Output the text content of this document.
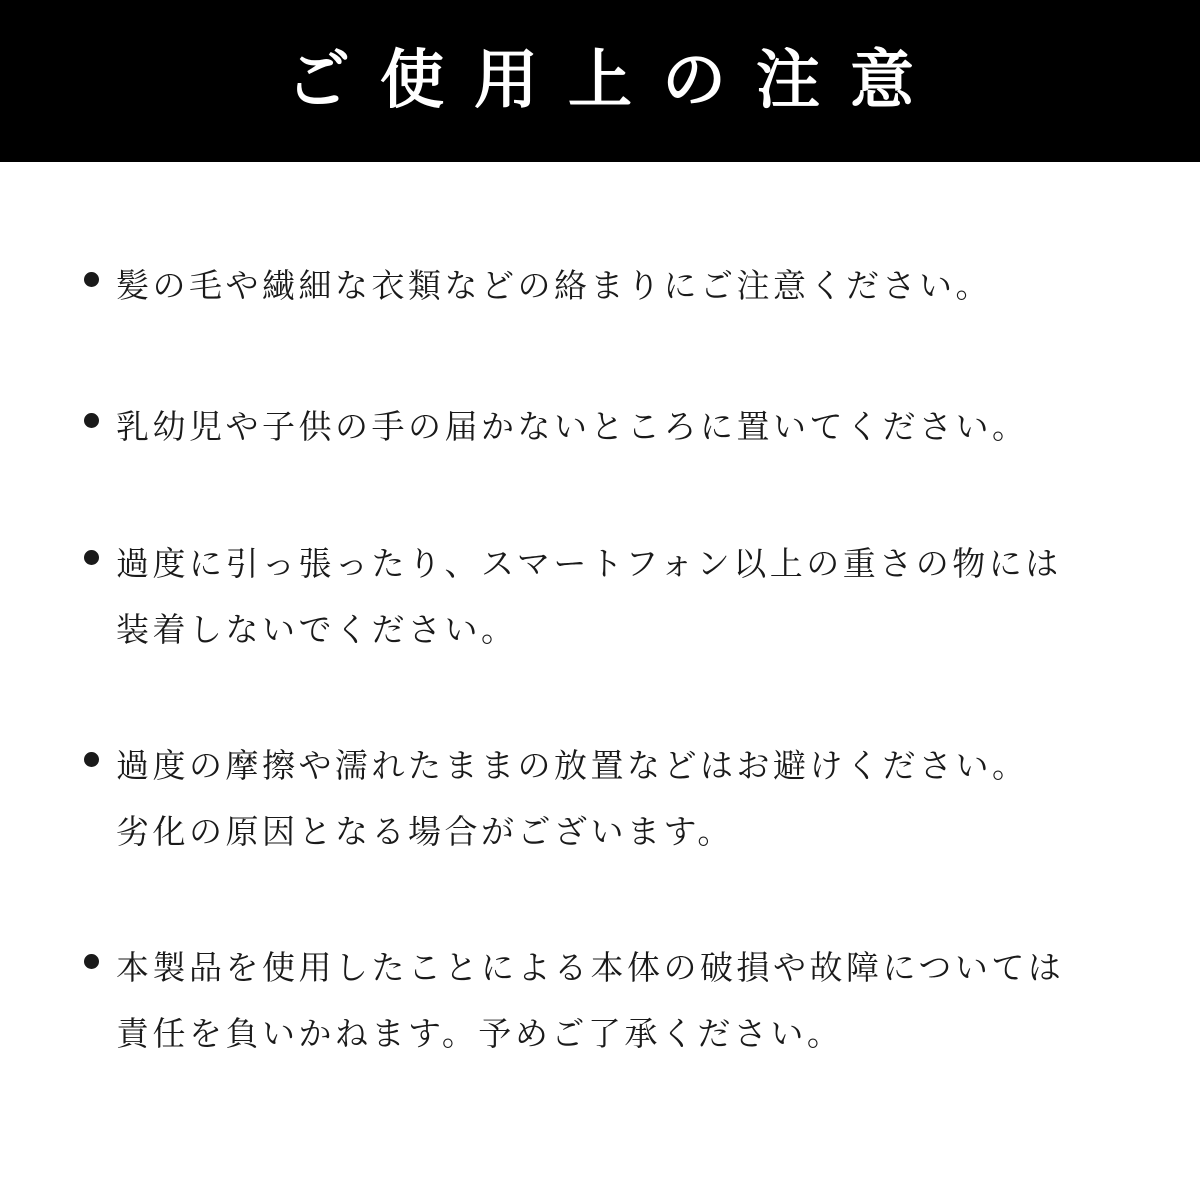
ご使用上の注意
髪の毛や繊細な衣類などの絡まりにご注意ください。
乳幼児や子供の手の届かないところに置いてください。
過度に引っ張ったり、スマートフォン以上の重さの物には
装着しないでください。
過度の摩擦や濡れたままの放置などはお避けください。
劣化の原因となる場合がございます。
本製品を使用したことによる本体の破損や故障については
責任を負いかねます。予めご了承ください。
